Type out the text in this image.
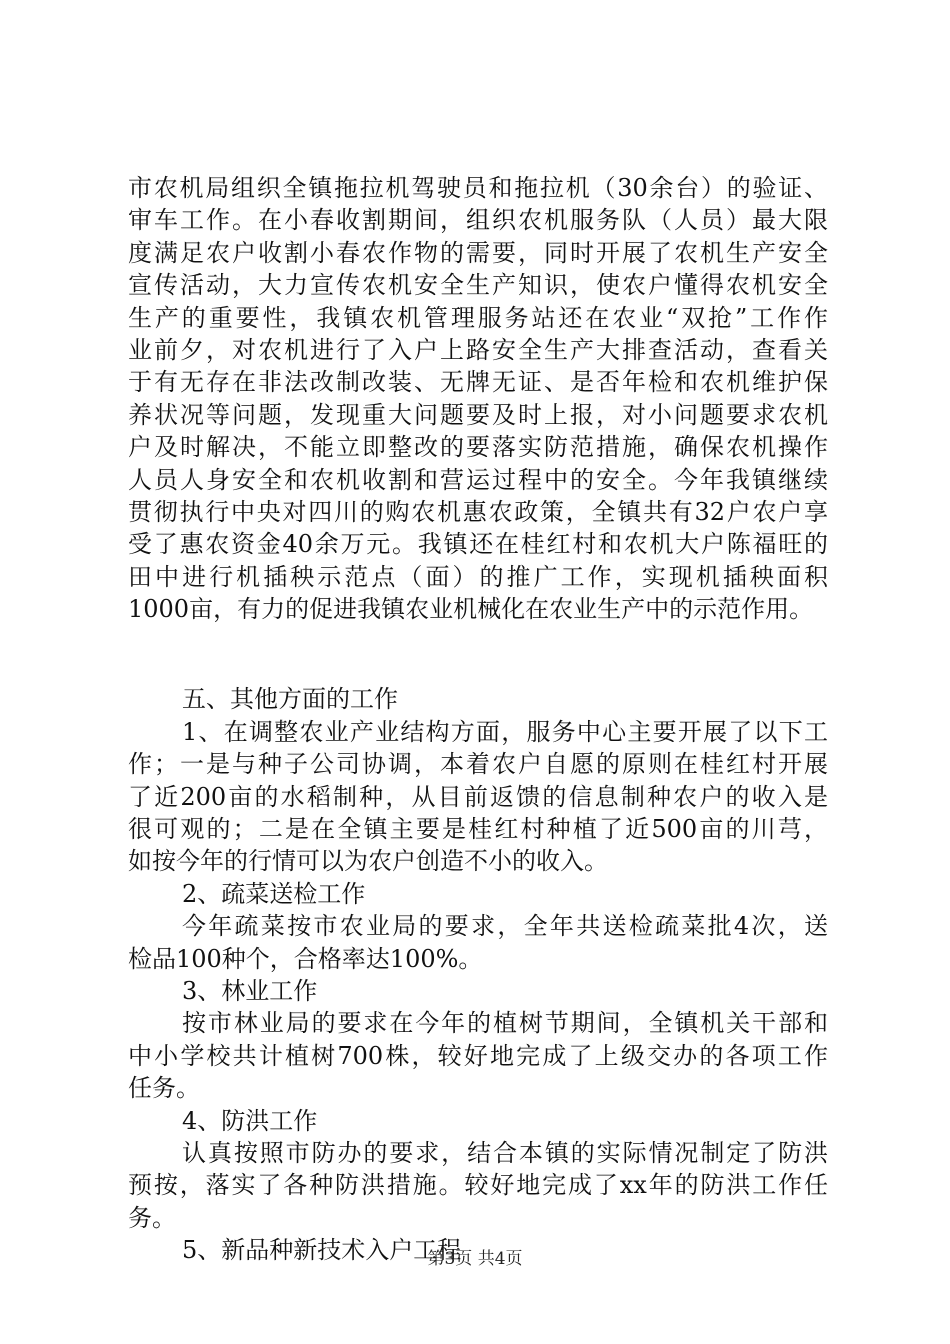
市农机局组织全镇拖拉机驾驶员和拖拉机（30余台）的验证、
审车工作。在小春收割期间，组织农机服务队（人员）最大限
度满足农户收割小春农作物的需要，同时开展了农机生产安全
宣传活动，大力宣传农机安全生产知识，使农户懂得农机安全
生产的重要性，我镇农机管理服务站还在农业“双抢”工作作
业前夕，对农机进行了入户上路安全生产大排查活动，查看关
于有无存在非法改制改装、无牌无证、是否年检和农机维护保
养状况等问题，发现重大问题要及时上报，对小问题要求农机
户及时解决，不能立即整改的要落实防范措施，确保农机操作
人员人身安全和农机收割和营运过程中的安全。今年我镇继续
贯彻执行中央对四川的购农机惠农政策，全镇共有32户农户享
受了惠农资金40余万元。我镇还在桂红村和农机大户陈福旺的
田中进行机插秧示范点（面）的推广工作，实现机插秧面积
1000亩，有力的促进我镇农业机械化在农业生产中的示范作用。
五、其他方面的工作
1、在调整农业产业结构方面，服务中心主要开展了以下工
作；一是与种子公司协调，本着农户自愿的原则在桂红村开展
了近200亩的水稻制种，从目前返馈的信息制种农户的收入是
很可观的；二是在全镇主要是桂红村种植了近500亩的川芎，
如按今年的行情可以为农户创造不小的收入。
2、疏菜送检工作
今年疏菜按市农业局的要求，全年共送检疏菜批4次，送
检品100种个，合格率达100%。
3、林业工作
按市林业局的要求在今年的植树节期间，全镇机关干部和
中小学校共计植树700株，较好地完成了上级交办的各项工作
任务。
4、防洪工作
认真按照市防办的要求，结合本镇的实际情况制定了防洪
预按，落实了各种防洪措施。较好地完成了xx年的防洪工作任
务。
5、新品种新技术入户工程
第3页 共4页
